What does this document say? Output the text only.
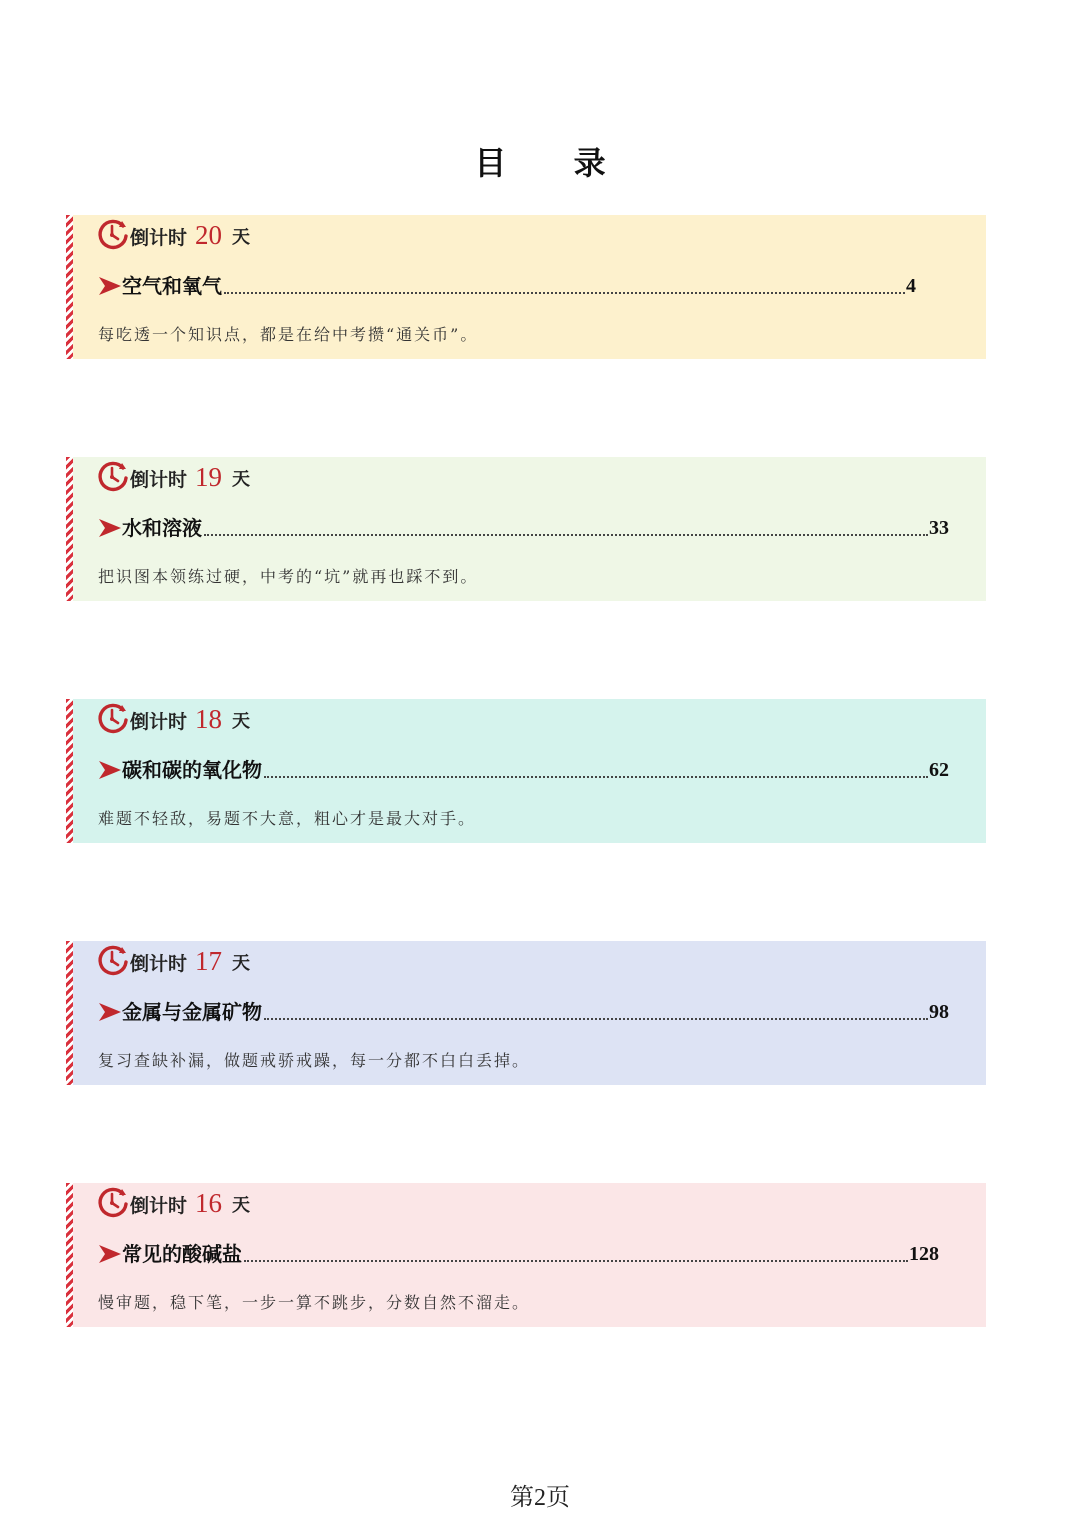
目 录
倒计时 20 天
空气和氧气	4
每吃透一个知识点，都是在给中考攒“通关币”。
倒计时 19 天
水和溶液	33
把识图本领练过硬，中考的“坑”就再也踩不到。
倒计时 18 天
碳和碳的氧化物	62
难题不轻敌，易题不大意，粗心才是最大对手。
倒计时 17 天
金属与金属矿物	98
复习查缺补漏，做题戒骄戒躁，每一分都不白白丢掉。
倒计时 16 天
常见的酸碱盐	128
慢审题，稳下笔，一步一算不跳步，分数自然不溜走。
第2页
